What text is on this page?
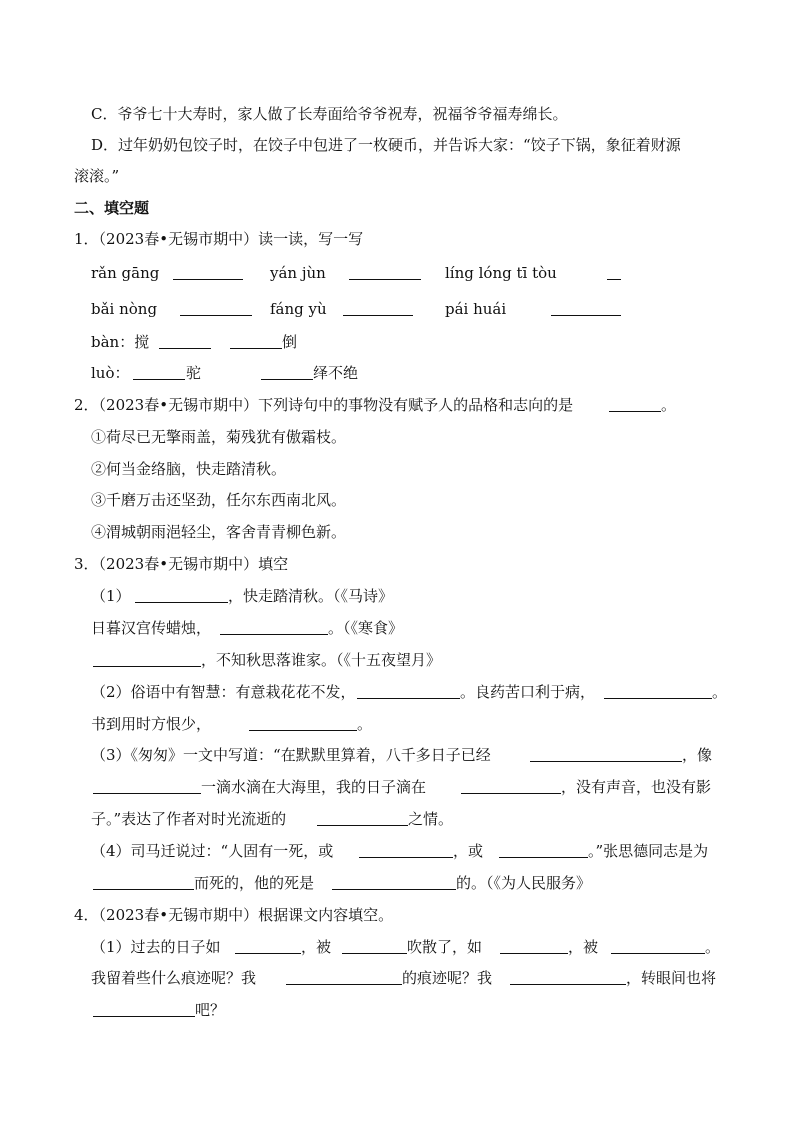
C．爷爷七十大寿时，家人做了长寿面给爷爷祝寿，祝福爷爷福寿绵长。
D．过年奶奶包饺子时，在饺子中包进了一枚硬币，并告诉大家：“饺子下锅，象征着财源
滚滚。”
二、填空题
1．（2023春•无锡市期中）读一读，写一写
rǎn gāng	yán jùn	líng lóng tī tòu
bǎi nòng	fáng yù	pái huái
bàn：搅	倒
luò：	驼	绎不绝
2．（2023春•无锡市期中）下列诗句中的事物没有赋予人的品格和志向的是	。
①荷尽已无擎雨盖，菊残犹有傲霜枝。
②何当金络脑，快走踏清秋。
③千磨万击还坚劲，任尔东西南北风。
④渭城朝雨浥轻尘，客舍青青柳色新。
3．（2023春•无锡市期中）填空
（1）	，快走踏清秋。（《马诗》
日暮汉宫传蜡烛，	。（《寒食》
，不知秋思落谁家。（《十五夜望月》
（2）俗语中有智慧：有意栽花花不发，	。良药苦口利于病，	。
书到用时方恨少，	。
（3）《匆匆》一文中写道：“在默默里算着，八千多日子已经	，像
一滴水滴在大海里，我的日子滴在	，没有声音，也没有影
子。”表达了作者对时光流逝的	之情。
（4）司马迁说过：“人固有一死，或	，或	。”张思德同志是为
而死的，他的死是	的。（《为人民服务》
4．（2023春•无锡市期中）根据课文内容填空。
（1）过去的日子如	，被	吹散了，如	，被	。
我留着些什么痕迹呢？我	的痕迹呢？我	，转眼间也将
吧？
